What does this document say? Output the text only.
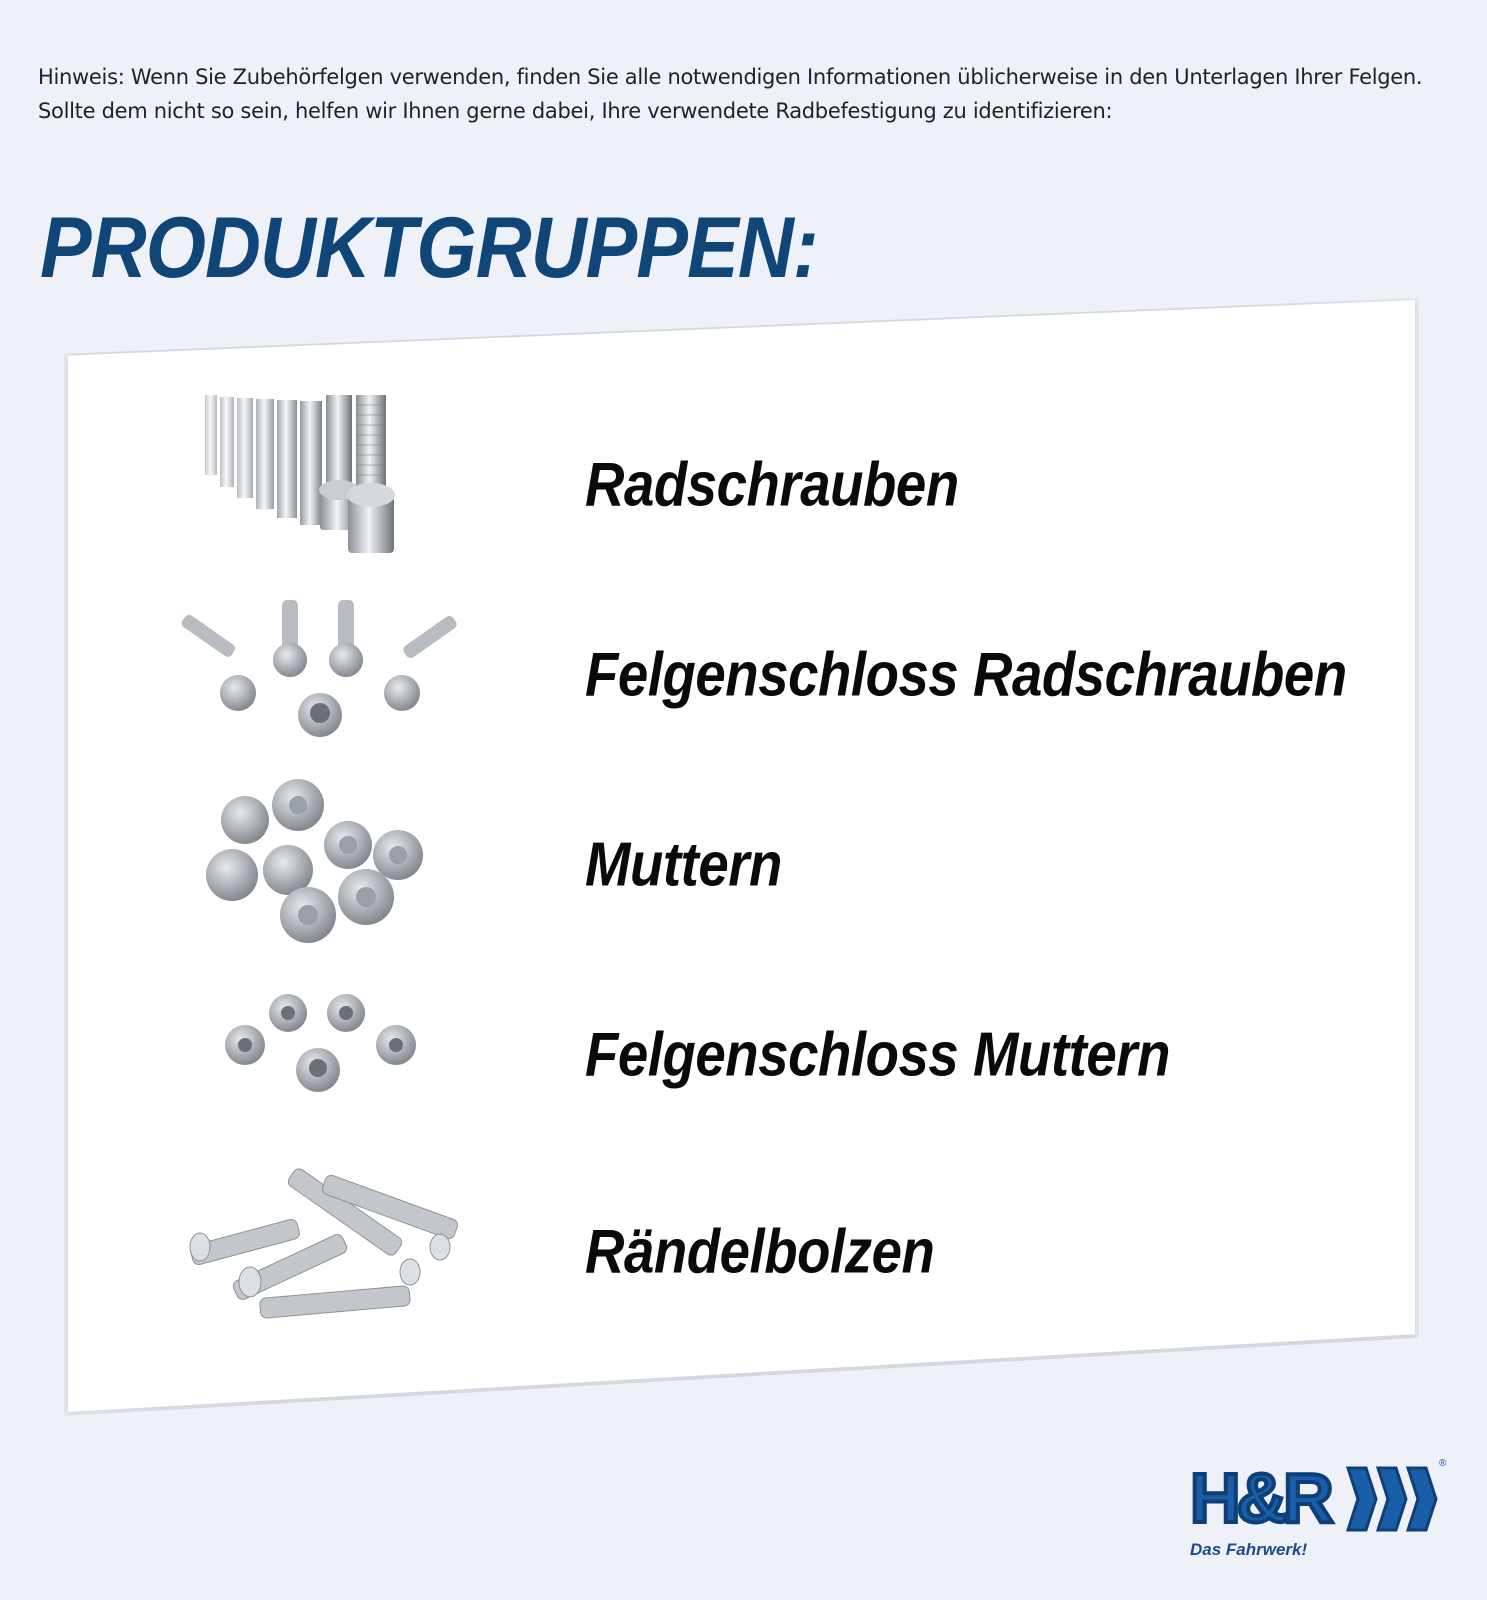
Hinweis: Wenn Sie Zubehörfelgen verwenden, finden Sie alle notwendigen Informationen üblicherweise in den Unterlagen Ihrer Felgen.

Sollte dem nicht so sein, helfen wir Ihnen gerne dabei, Ihre verwendete Radbefestigung zu identifizieren:

PRODUKTGRUPPEN:
Radschrauben
Felgenschloss Radschrauben
Muttern
Felgenschloss Muttern
Rändelbolzen
H&R	®
Das Fahrwerk!
